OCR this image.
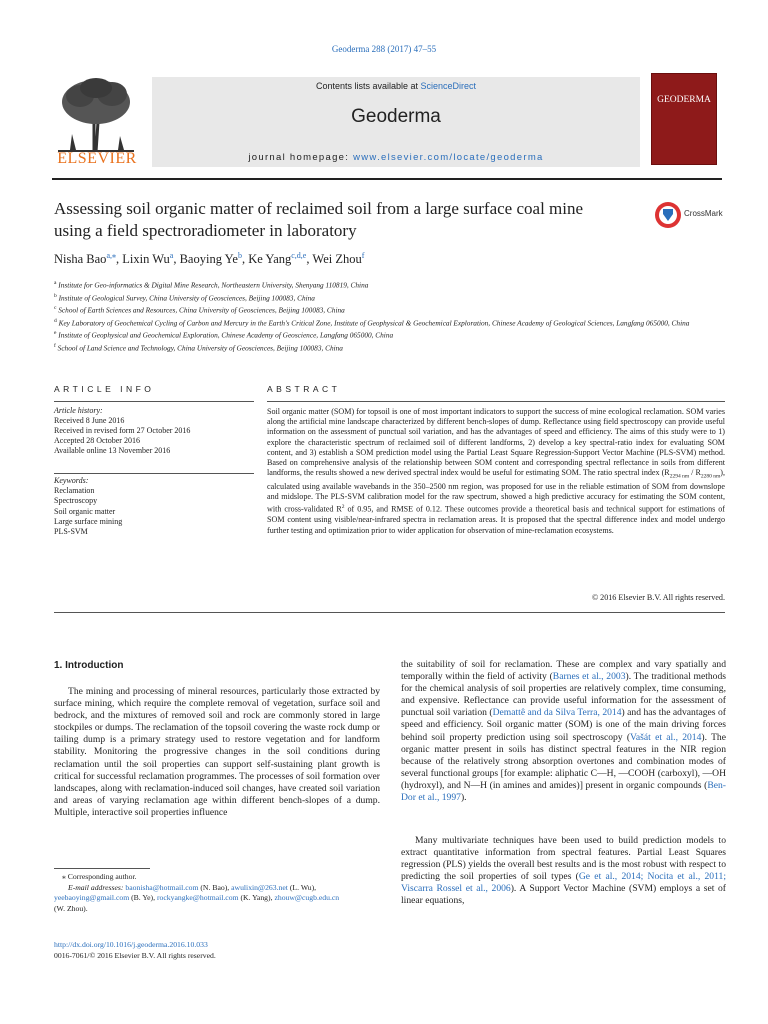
Geoderma 288 (2017) 47–55
ELSEVIER
Contents lists available at ScienceDirect
Geoderma
journal homepage: www.elsevier.com/locate/geoderma
GEODERMA
Assessing soil organic matter of reclaimed soil from a large surface coal mine using a field spectroradiometer in laboratory
CrossMark
Nisha Bao$^{a,⁎}$, Lixin Wu$^a$, Baoying Ye$^b$, Ke Yang$^{c,d,e}$, Wei Zhou$^f$
$^a$ Institute for Geo-informatics & Digital Mine Research, Northeastern University, Shenyang 110819, China
$^b$ Institute of Geological Survey, China University of Geosciences, Beijing 100083, China
$^c$ School of Earth Sciences and Resources, China University of Geosciences, Beijing 100083, China
$^d$ Key Laboratory of Geochemical Cycling of Carbon and Mercury in the Earth's Critical Zone, Institute of Geophysical & Geochemical Exploration, Chinese Academy of Geological Sciences, Langfang 065000, China
$^e$ Institute of Geophysical and Geochemical Exploration, Chinese Academy of Geoscience, Langfang 065000, China
$^f$ School of Land Science and Technology, China University of Geosciences, Beijing 100083, China
ARTICLE INFO	ABSTRACT
Article history:
Received 8 June 2016
Received in revised form 27 October 2016
Accepted 28 October 2016
Available online 13 November 2016
Keywords:
Reclamation
Spectroscopy
Soil organic matter
Large surface mining
PLS-SVM
Soil organic matter (SOM) for topsoil is one of most important indicators to support the success of mine ecological reclamation. SOM varies along the artificial mine landscape characterized by different bench-slopes of dump. Reflectance using field spectroscopy can provide useful information on the assessment of punctual soil variation, and has the advantages of speed and efficiency. The aims of this study were to 1) explore the characteristic spectrum of reclaimed soil of different landforms, 2) develop a key spectral-ratio index for evaluating SOM content, and 3) establish a SOM prediction model using the Partial Least Square Regression-Support Vector Machine (PLS-SVM) method. Based on comprehensive analysis of the relationship between SOM content and corresponding spectral reflectance in soils from different landforms, the results showed a new derived spectral index would be useful for estimating SOM. The ratio spectral index $(R_{2294 nm} / R_{2280 nm})$, calculated using available wavebands in the 350–2500 nm region, was proposed for use in the reliable estimation of SOM from downslope and midslope. The PLS-SVM calibration model for the raw spectrum, showed a high predictive accuracy for estimating the SOM content, with cross-validated $R^2$ of 0.95, and RMSE of 0.12. These outcomes provide a theoretical basis and technical support for estimations of SOM content using visible/near-infrared spectra in reclamation areas. It is proposed that the spectral difference index and model undergo further testing and optimization prior to wider application for observation of mine-reclamation ecosystems.
© 2016 Elsevier B.V. All rights reserved.
1. Introduction
The mining and processing of mineral resources, particularly those extracted by surface mining, which require the complete removal of vegetation, surface soil and bedrock, and the mixtures of removed soil and rock are commonly stored in large stockpiles or dumps. The reclamation of the topsoil covering the waste rock dump or tailing dump is a primary strategy used to restore vegetation and for landform stability. Monitoring the progressive changes in the soil conditions during reclamation until the soil properties can support self-sustaining plant growth is critical for successful reclamation programmes. The processes of soil formation over landscapes, along with reclamation-induced soil changes, have created soil variation and areas of varying reclamation age within different bench-slopes of a dump. Multiple, interactive soil properties influence
the suitability of soil for reclamation. These are complex and vary spatially and temporally within the field of activity (Barnes et al., 2003). The traditional methods for the chemical analysis of soil properties are relatively complex, time consuming, and expensive. Reflectance can provide useful information for the assessment of punctual soil variation (Demattê and da Silva Terra, 2014) and has the advantages of speed and efficiency. Soil organic matter (SOM) is one of the main driving forces behind soil property prediction using soil spectroscopy (Vašát et al., 2014). The organic matter present in soils has distinct spectral features in the NIR region because of the relatively strong absorption overtones and combination modes of several functional groups [for example: aliphatic C—H, —COOH (carboxyl), —OH (hydroxyl), and N—H (in amines and amides)] present in organic compounds (Ben-Dor et al., 1997).
Many multivariate techniques have been used to build prediction models to extract quantitative information from spectral features. Partial Least Squares regression (PLS) yields the overall best results and is the most robust with respect to predicting the soil properties of soil types (Ge et al., 2014; Nocita et al., 2011; Viscarra Rossel et al., 2006). A Support Vector Machine (SVM) employs a set of linear equations,
⁎ Corresponding author.
E-mail addresses: baonisha@hotmail.com (N. Bao), awulixin@263.net (L. Wu),
yeebaoying@gmail.com (B. Ye), rockyangke@hotmail.com (K. Yang), zhouw@cugb.edu.cn
(W. Zhou).
http://dx.doi.org/10.1016/j.geoderma.2016.10.033
0016-7061/© 2016 Elsevier B.V. All rights reserved.
